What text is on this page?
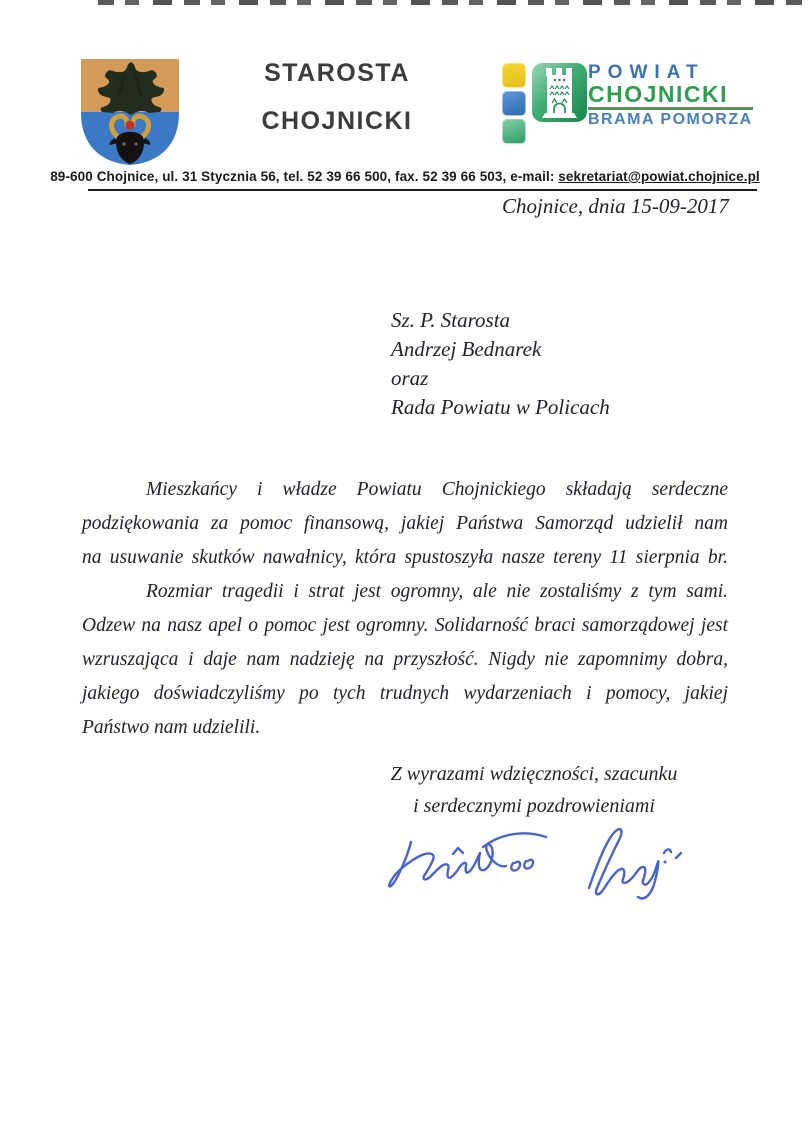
STAROSTA
CHOJNICKI
POWIAT
CHOJNICKI
BRAMA POMORZA
89-600 Chojnice, ul. 31 Stycznia 56, tel. 52 39 66 500, fax. 52 39 66 503, e-mail: sekretariat@powiat.chojnice.pl
Chojnice, dnia 15-09-2017
Sz. P. Starosta
Andrzej Bednarek
oraz
Rada Powiatu w Policach
Mieszkańcy i władze Powiatu Chojnickiego składają serdeczne
podziękowania za pomoc finansową, jakiej Państwa Samorząd udzielił nam
na usuwanie skutków nawałnicy, która spustoszyła nasze tereny 11 sierpnia br.
Rozmiar tragedii i strat jest ogromny, ale nie zostaliśmy z tym sami.
Odzew na nasz apel o pomoc jest ogromny. Solidarność braci samorządowej jest
wzruszająca i daje nam nadzieję na przyszłość. Nigdy nie zapomnimy dobra,
jakiego doświadczyliśmy po tych trudnych wydarzeniach i pomocy, jakiej
Państwo nam udzielili.
Z wyrazami wdzięczności, szacunku
i serdecznymi pozdrowieniami
